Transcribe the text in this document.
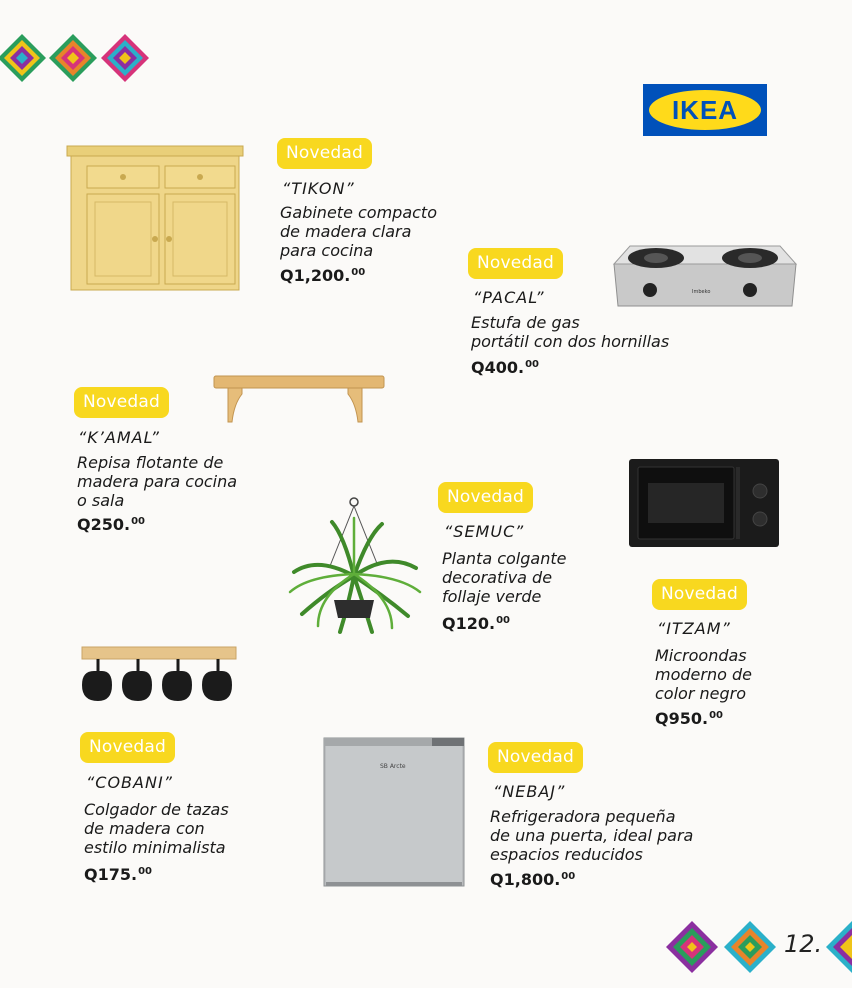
IKEA
Novedad
“TIKON”
Gabinete compacto
de madera clara
para cocina
Q1,200.00
Imbeko
Novedad
“PACAL”
Estufa de gas
portátil con dos hornillas
Q400.00
Novedad
“K’AMAL”
Repisa flotante de
madera para cocina
o sala
Q250.00
Novedad
“SEMUC”
Planta colgante
decorativa de
follaje verde
Q120.00
Novedad
“ITZAM”
Microondas
moderno de
color negro
Q950.00
Novedad
“COBANI”
Colgador de tazas
de madera con
estilo minimalista
Q175.00
SB Arcte	Novedad
“NEBAJ”
Refrigeradora pequeña
de una puerta, ideal para
espacios reducidos
Q1,800.00
12.
